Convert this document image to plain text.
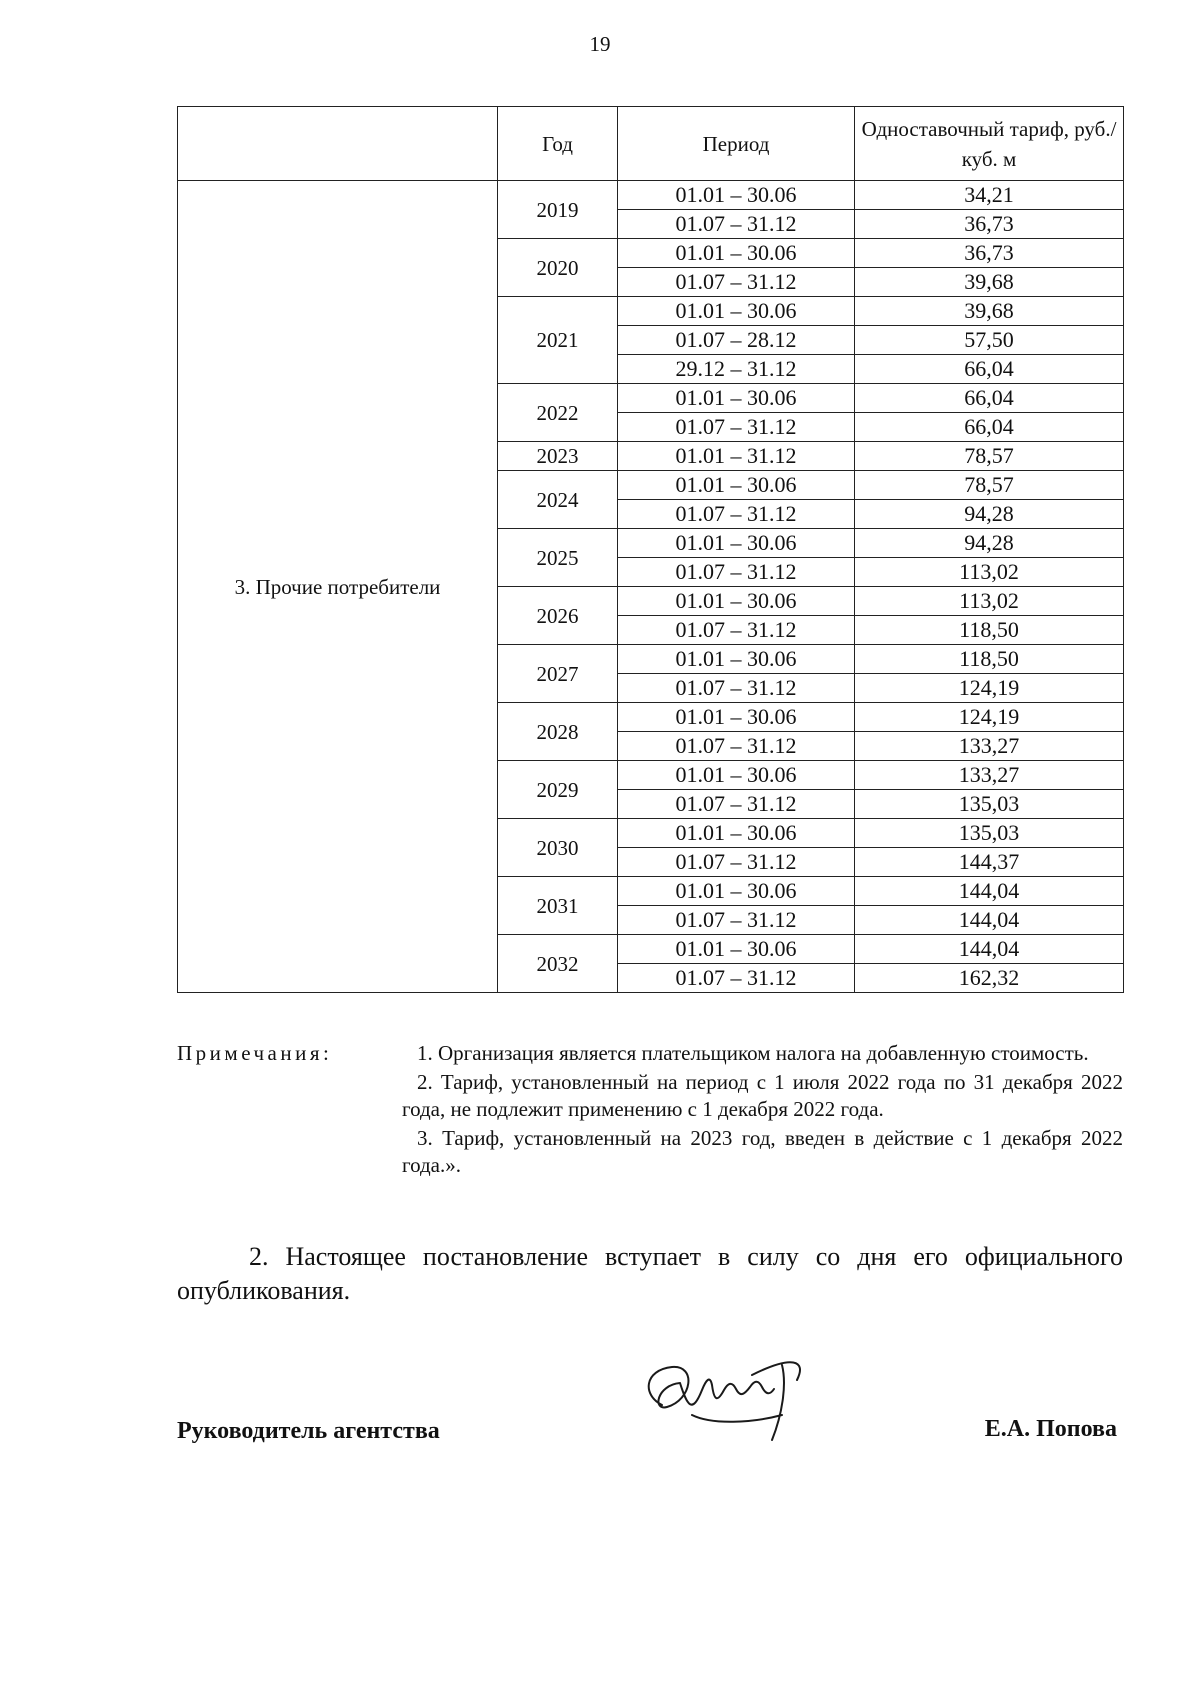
19
	Год	Период	Одноставочный тариф, руб./куб. м
3. Прочие потребители	2019	01.01 – 30.06	34,21
		01.07 – 31.12	36,73
	2020	01.01 – 30.06	36,73
		01.07 – 31.12	39,68
	2021	01.01 – 30.06	39,68
		01.07 – 28.12	57,50
		29.12 – 31.12	66,04
	2022	01.01 – 30.06	66,04
		01.07 – 31.12	66,04
	2023	01.01 – 31.12	78,57
	2024	01.01 – 30.06	78,57
		01.07 – 31.12	94,28
	2025	01.01 – 30.06	94,28
		01.07 – 31.12	113,02
	2026	01.01 – 30.06	113,02
		01.07 – 31.12	118,50
	2027	01.01 – 30.06	118,50
		01.07 – 31.12	124,19
	2028	01.01 – 30.06	124,19
		01.07 – 31.12	133,27
	2029	01.01 – 30.06	133,27
		01.07 – 31.12	135,03
	2030	01.01 – 30.06	135,03
		01.07 – 31.12	144,37
	2031	01.01 – 30.06	144,04
		01.07 – 31.12	144,04
	2032	01.01 – 30.06	144,04
		01.07 – 31.12	162,32
Примечания:	1. Организация является плательщиком налога на добавленную стоимость.

2. Тариф, установленный на период с 1 июля 2022 года по 31 декабря 2022 года, не подлежит применению с 1 декабря 2022 года.

3. Тариф, установленный на 2023 год, введен в действие с 1 декабря 2022 года.».

2. Настоящее постановление вступает в силу со дня его официального опубликования.
Руководитель агентства	Е.А. Попова
